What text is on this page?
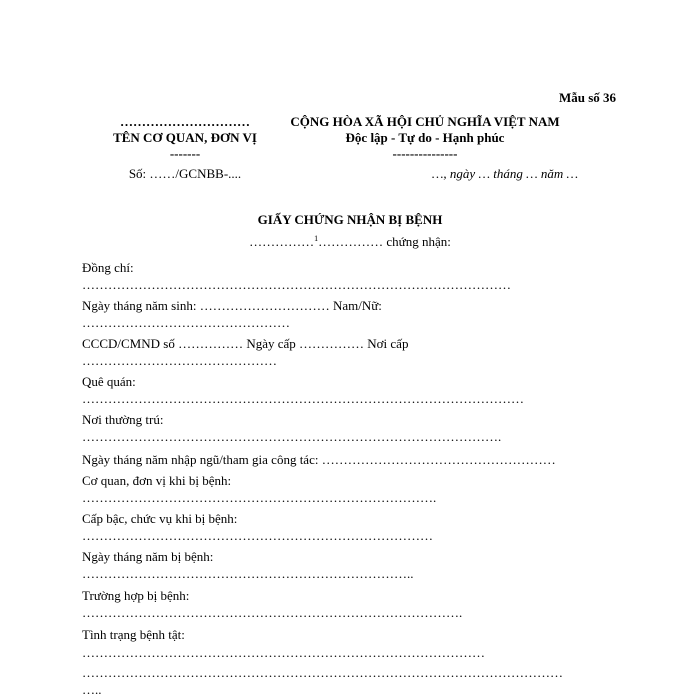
Mẫu số 36
…………………………
TÊN CƠ QUAN, ĐƠN VỊ
-------
Số: ……/GCNBB-....
CỘNG HÒA XÃ HỘI CHỦ NGHĨA VIỆT NAM
Độc lập - Tự do - Hạnh phúc
---------------
…, ngày … tháng … năm …
GIẤY CHỨNG NHẬN BỊ BỆNH
……………$^1$…………… chứng nhận:
Đồng chí:
………………………………………………………………………………………
Ngày tháng năm sinh: ………………………… Nam/Nữ:
…………………………………………
CCCD/CMND số …………… Ngày cấp …………… Nơi cấp
………………………………………
Quê quán:
…………………………………………………………………………………………
Nơi thường trú:
…………………………………………………………………………………….
Ngày tháng năm nhập ngũ/tham gia công tác: ………………………………………………
Cơ quan, đơn vị khi bị bệnh:
……………………………………………………………………….
Cấp bậc, chức vụ khi bị bệnh:
………………………………………………………………………
Ngày tháng năm bị bệnh:
…………………………………………………………………..
Trường hợp bị bệnh:
…………………………………………………………………………….
Tình trạng bệnh tật:
…………………………………………………………………………………
…………………………………………………………………………………………………
…..
